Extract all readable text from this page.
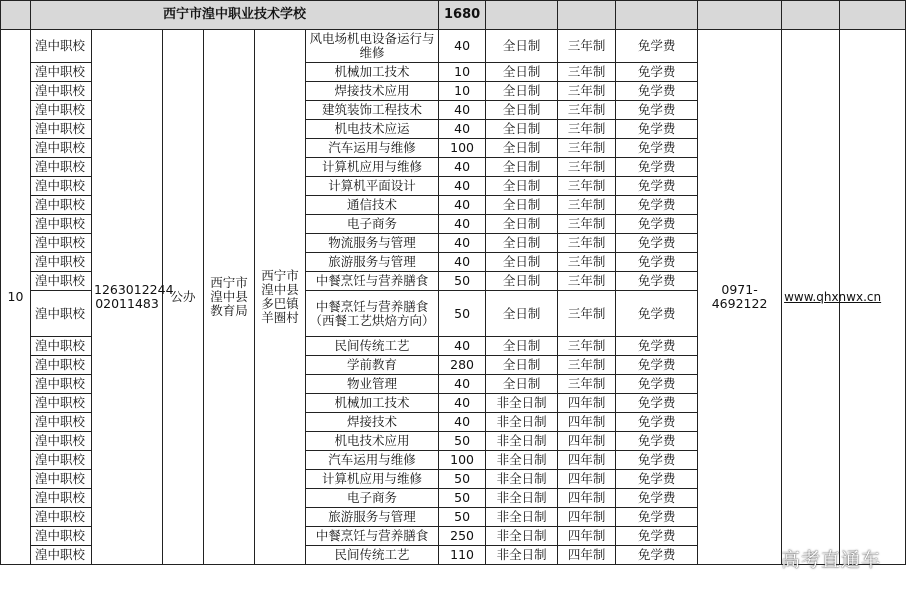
	西宁市湟中职业技术学校						1680						
10	湟中职校	1263012244 02011483	公办	西宁市湟中县教育局	西宁市湟中县多巴镇羊圈村	风电场机电设备运行与维修	40	全日制	三年制	免学费	0971-4692122	www.qhxnwx.cn	
	湟中职校					机械加工技术	10	全日制	三年制	免学费			
	湟中职校					焊接技术应用	10	全日制	三年制	免学费			
	湟中职校					建筑装饰工程技术	40	全日制	三年制	免学费			
	湟中职校					机电技术应运	40	全日制	三年制	免学费			
	湟中职校					汽车运用与维修	100	全日制	三年制	免学费			
	湟中职校					计算机应用与维修	40	全日制	三年制	免学费			
	湟中职校					计算机平面设计	40	全日制	三年制	免学费			
	湟中职校					通信技术	40	全日制	三年制	免学费			
	湟中职校					电子商务	40	全日制	三年制	免学费			
	湟中职校					物流服务与管理	40	全日制	三年制	免学费			
	湟中职校					旅游服务与管理	40	全日制	三年制	免学费			
	湟中职校					中餐烹饪与营养膳食	50	全日制	三年制	免学费			
	湟中职校					中餐烹饪与营养膳食（西餐工艺烘焙方向）	50	全日制	三年制	免学费			
	湟中职校					民间传统工艺	40	全日制	三年制	免学费			
	湟中职校					学前教育	280	全日制	三年制	免学费			
	湟中职校					物业管理	40	全日制	三年制	免学费			
	湟中职校					机械加工技术	40	非全日制	四年制	免学费			
	湟中职校					焊接技术	40	非全日制	四年制	免学费			
	湟中职校					机电技术应用	50	非全日制	四年制	免学费			
	湟中职校					汽车运用与维修	100	非全日制	四年制	免学费			
	湟中职校					计算机应用与维修	50	非全日制	四年制	免学费			
	湟中职校					电子商务	50	非全日制	四年制	免学费			
	湟中职校					旅游服务与管理	50	非全日制	四年制	免学费			
	湟中职校					中餐烹饪与营养膳食	250	非全日制	四年制	免学费			
	湟中职校					民间传统工艺	110	非全日制	四年制	免学费				高考直通车
